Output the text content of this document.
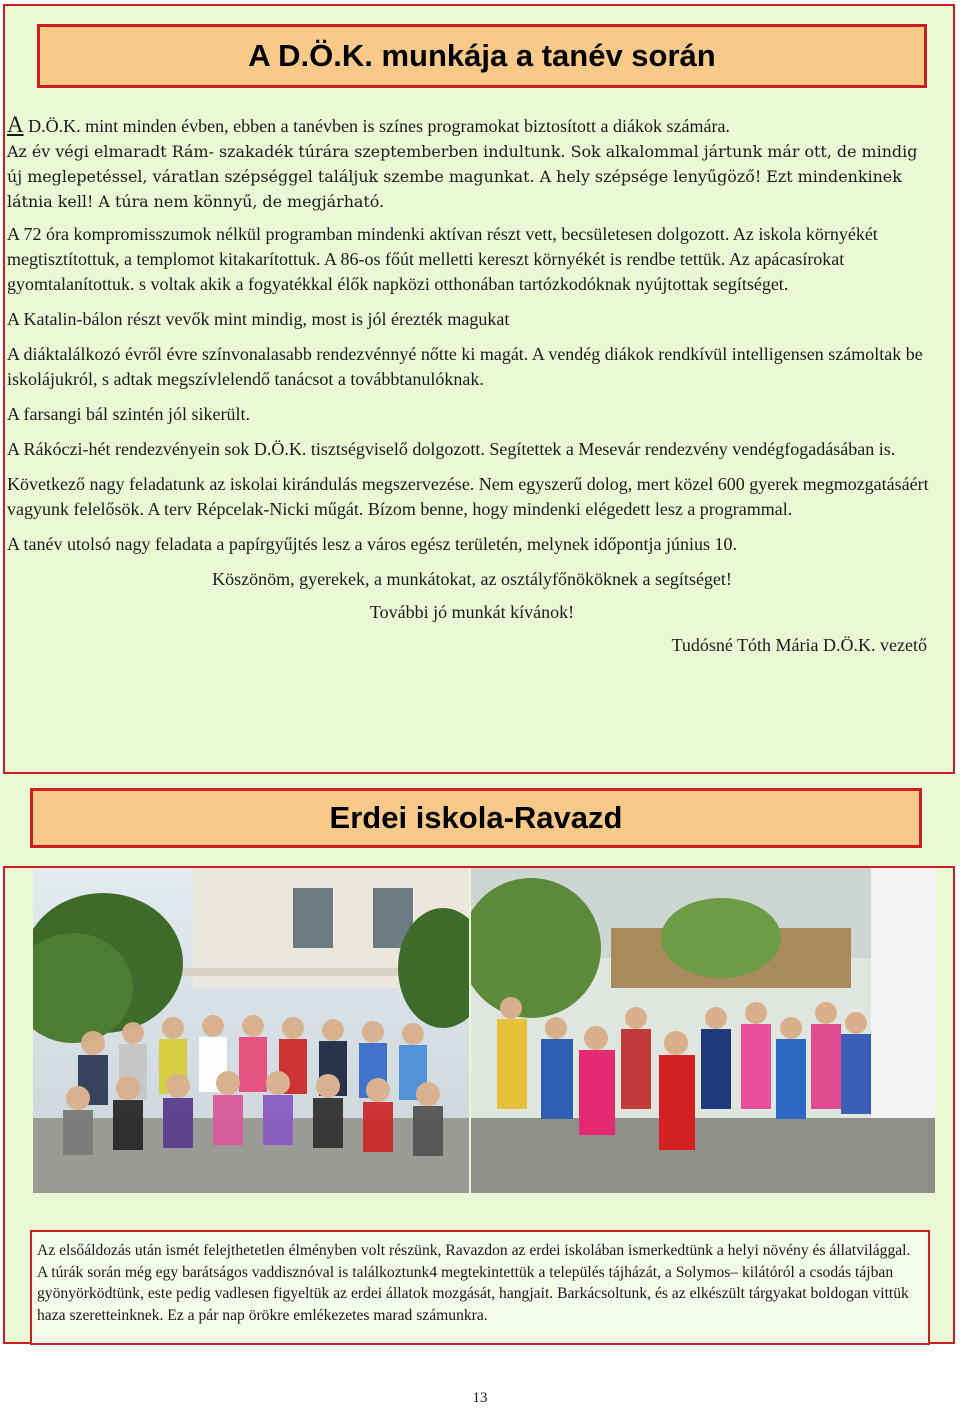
A D.Ö.K. munkája a tanév során

A D.Ö.K. mint minden évben, ebben a tanévben is színes programokat biztosított a diákok számára.

Az év végi elmaradt Rám- szakadék túrára szeptemberben indultunk. Sok alkalommal jártunk már ott, de mindig új meglepetéssel, váratlan szépséggel találjuk szembe magunkat. A hely szépsége lenyűgöző! Ezt mindenkinek látnia kell! A túra nem könnyű, de megjárható.

A 72 óra kompromisszumok nélkül programban mindenki aktívan részt vett, becsületesen dolgozott. Az iskola környékét megtisztítottuk, a templomot kitakarítottuk. A 86-os főút melletti kereszt környékét is rendbe tettük. Az apácasírokat gyomtalanítottuk. s voltak akik a fogyatékkal élők napközi otthonában tartózkodóknak nyújtottak segítséget.

A Katalin-bálon részt vevők mint mindig, most is jól érezték magukat

A diáktalálkozó évről évre színvonalasabb rendezvénnyé nőtte ki magát. A vendég diákok rendkívül intelligensen számoltak be iskolájukról, s adtak megszívlelendő tanácsot a továbbtanulóknak.

A farsangi bál szintén jól sikerült.

A Rákóczi-hét rendezvényein sok D.Ö.K. tisztségviselő dolgozott. Segítettek a Mesevár rendezvény vendégfogadásában is.

Következő nagy feladatunk az iskolai kirándulás megszervezése. Nem egyszerű dolog, mert közel 600 gyerek megmozgatásáért vagyunk felelősök. A terv Répcelak-Nicki műgát. Bízom benne, hogy mindenki elégedett lesz a programmal.

A tanév utolsó nagy feladata a papírgyűjtés lesz a város egész területén, melynek időpontja június 10.

Köszönöm, gyerekek, a munkátokat, az osztályfőnököknek a segítséget!

További jó munkát kívánok!

Tudósné Tóth Mária D.Ö.K. vezető

Erdei iskola-Ravazd

Az elsőáldozás után ismét felejthetetlen élményben volt részünk, Ravazdon az erdei iskolában ismerkedtünk a helyi növény és állatvilággal. A túrák során még egy barátságos vaddisznóval is találkoztunk4 megtekintettük a település tájházát, a Solymos– kilátóról a csodás tájban gyönyörködtünk, este pedig vadlesen figyeltük az erdei állatok mozgását, hangjait. Barkácsoltunk, és az elkészült tárgyakat boldogan vittük haza szeretteinknek. Ez a pár nap örökre emlékezetes marad számunkra.

13
